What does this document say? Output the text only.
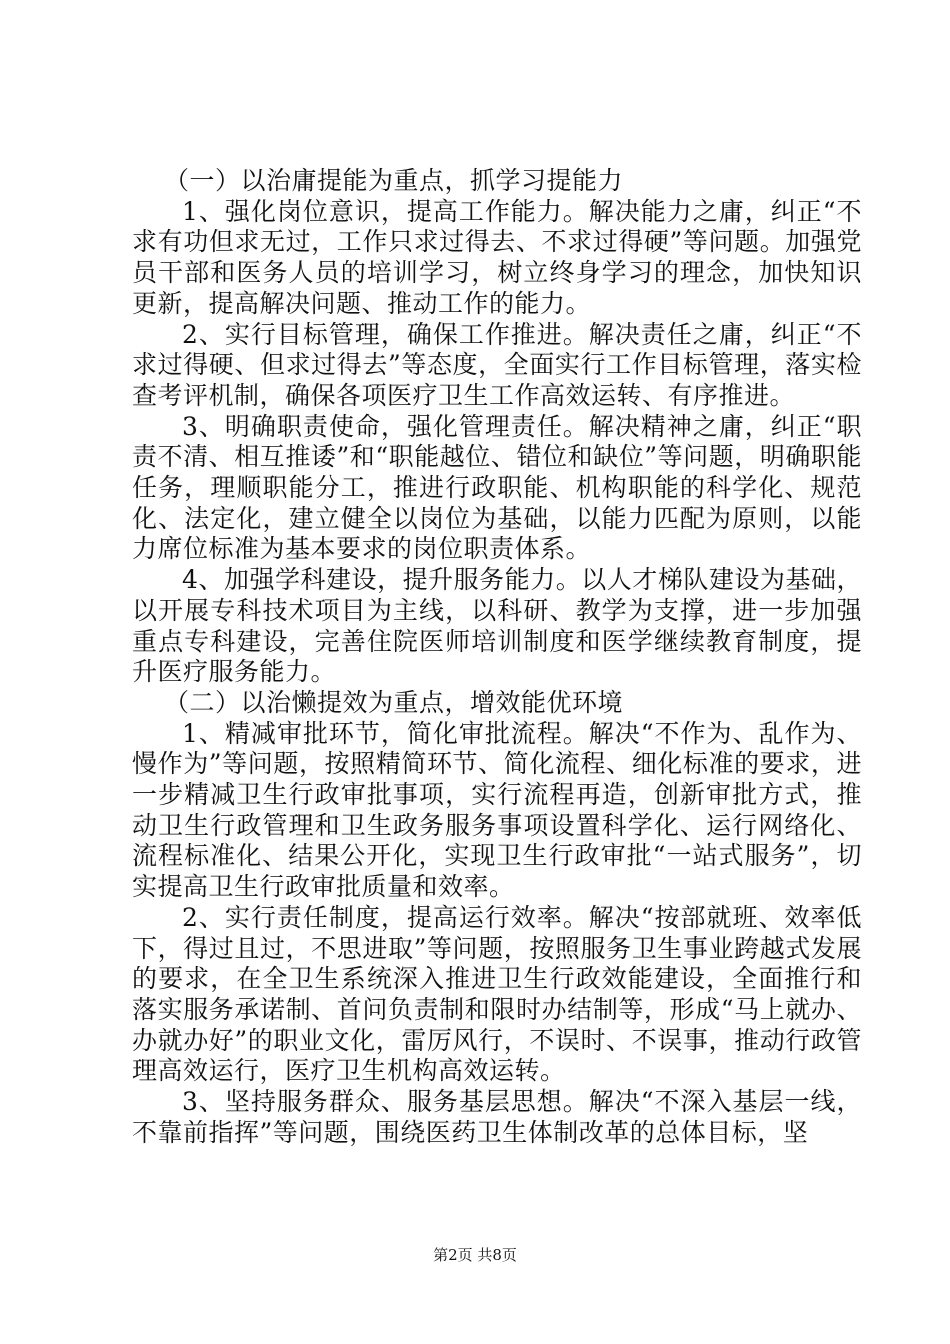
（一）以治庸提能为重点，抓学习提能力

1、强化岗位意识，提高工作能力。解决能力之庸，纠正“不求有功但求无过，工作只求过得去、不求过得硬”等问题。加强党员干部和医务人员的培训学习，树立终身学习的理念，加快知识更新，提高解决问题、推动工作的能力。

2、实行目标管理，确保工作推进。解决责任之庸，纠正“不求过得硬、但求过得去”等态度，全面实行工作目标管理，落实检查考评机制，确保各项医疗卫生工作高效运转、有序推进。

3、明确职责使命，强化管理责任。解决精神之庸，纠正“职责不清、相互推诿”和“职能越位、错位和缺位”等问题，明确职能任务，理顺职能分工，推进行政职能、机构职能的科学化、规范化、法定化，建立健全以岗位为基础，以能力匹配为原则，以能力席位标准为基本要求的岗位职责体系。

4、加强学科建设，提升服务能力。以人才梯队建设为基础，以开展专科技术项目为主线，以科研、教学为支撑，进一步加强重点专科建设，完善住院医师培训制度和医学继续教育制度，提升医疗服务能力。

（二）以治懒提效为重点，增效能优环境

1、精减审批环节，简化审批流程。解决“不作为、乱作为、慢作为”等问题，按照精简环节、简化流程、细化标准的要求，进一步精减卫生行政审批事项，实行流程再造，创新审批方式，推动卫生行政管理和卫生政务服务事项设置科学化、运行网络化、流程标准化、结果公开化，实现卫生行政审批“一站式服务”，切实提高卫生行政审批质量和效率。

2、实行责任制度，提高运行效率。解决“按部就班、效率低下，得过且过，不思进取”等问题，按照服务卫生事业跨越式发展的要求，在全卫生系统深入推进卫生行政效能建设，全面推行和落实服务承诺制、首问负责制和限时办结制等，形成“马上就办、办就办好”的职业文化，雷厉风行，不误时、不误事，推动行政管理高效运行，医疗卫生机构高效运转。

3、坚持服务群众、服务基层思想。解决“不深入基层一线，不靠前指挥”等问题，围绕医药卫生体制改革的总体目标，坚

第2页 共8页
